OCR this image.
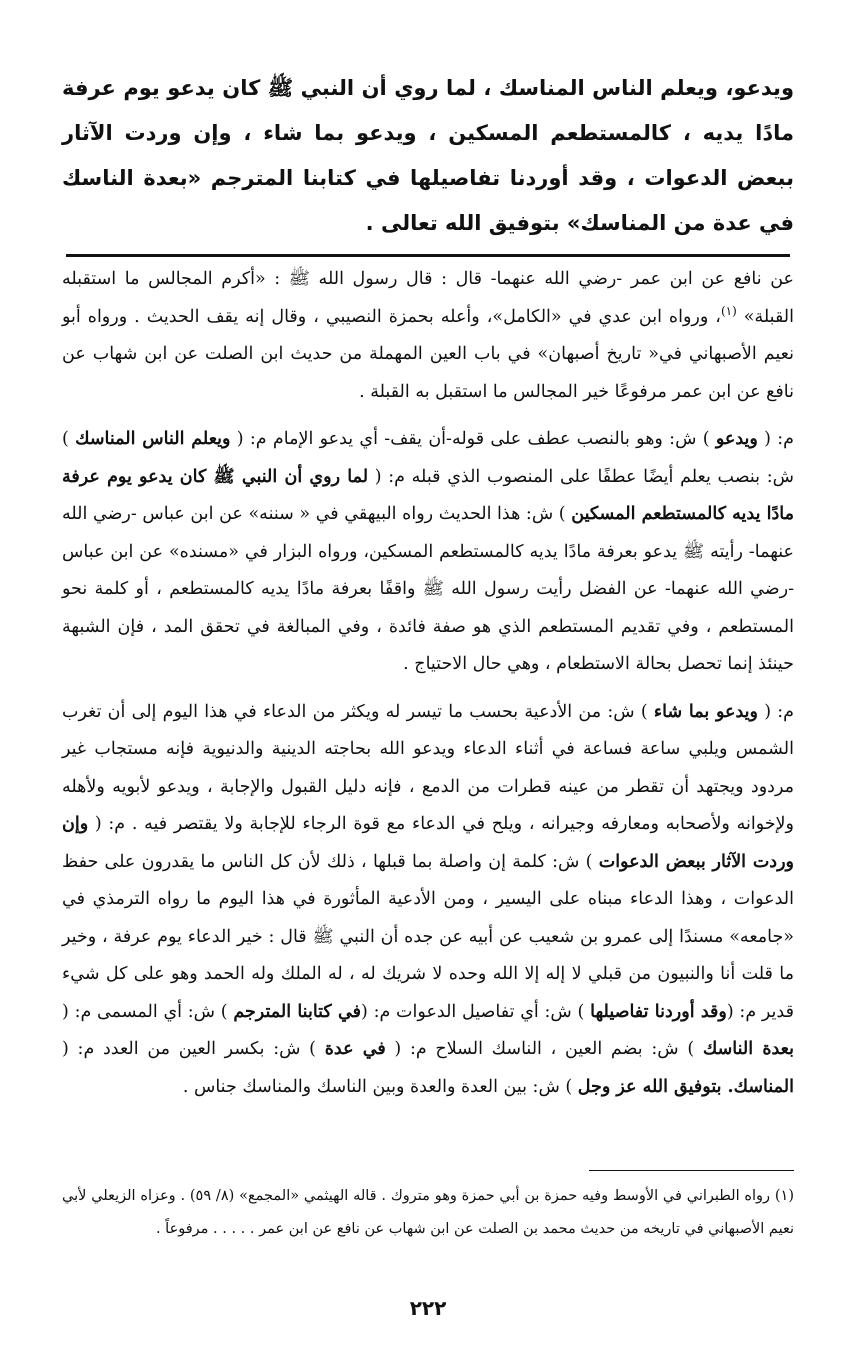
ويدعو، ويعلم الناس المناسك ، لما روي أن النبي ﷺ كان يدعو يوم عرفة مادًا يديه ، كالمستطعم المسكين ، ويدعو بما شاء ، وإن وردت الآثار ببعض الدعوات ، وقد أوردنا تفاصيلها في كتابنا المترجم «بعدة الناسك في عدة من المناسك» بتوفيق الله تعالى .

عن نافع عن ابن عمر -رضي الله عنهما- قال : قال رسول الله ﷺ : «أكرم المجالس ما استقبله القبلة» $^{(١)}$، ورواه ابن عدي في «الكامل»، وأعله بحمزة النصيبي ، وقال إنه يقف الحديث . ورواه أبو نعيم الأصبهاني في« تاريخ أصبهان» في باب العين المهملة من حديث ابن الصلت عن ابن شهاب عن نافع عن ابن عمر مرفوعًا خير المجالس ما استقبل به القبلة .

م: ( ويدعو ) ش: وهو بالنصب عطف على قوله-أن يقف- أي يدعو الإمام م: ( ويعلم الناس المناسك ) ش: بنصب يعلم أيضًا عطفًا على المنصوب الذي قبله م: ( لما روي أن النبي ﷺ كان يدعو يوم عرفة مادًا يديه كالمستطعم المسكين ) ش: هذا الحديث رواه البيهقي في « سننه» عن ابن عباس -رضي الله عنهما- رأيته ﷺ يدعو بعرفة مادًا يديه كالمستطعم المسكين، ورواه البزار في «مسنده» عن ابن عباس -رضي الله عنهما- عن الفضل رأيت رسول الله ﷺ واقفًا بعرفة مادًا يديه كالمستطعم ، أو كلمة نحو المستطعم ، وفي تقديم المستطعم الذي هو صفة فائدة ، وفي المبالغة في تحقق المد ، فإن الشبهة حينئذ إنما تحصل بحالة الاستطعام ، وهي حال الاحتياج .

م: ( ويدعو بما شاء ) ش: من الأدعية بحسب ما تيسر له ويكثر من الدعاء في هذا اليوم إلى أن تغرب الشمس ويلبي ساعة فساعة في أثناء الدعاء ويدعو الله بحاجته الدينية والدنيوية فإنه مستجاب غير مردود ويجتهد أن تقطر من عينه قطرات من الدمع ، فإنه دليل القبول والإجابة ، ويدعو لأبويه ولأهله ولإخوانه ولأصحابه ومعارفه وجيرانه ، ويلح في الدعاء مع قوة الرجاء للإجابة ولا يقتصر فيه . م: ( وإن وردت الآثار ببعض الدعوات ) ش: كلمة إن واصلة بما قبلها ، ذلك لأن كل الناس ما يقدرون على حفظ الدعوات ، وهذا الدعاء مبناه على اليسير ، ومن الأدعية المأثورة في هذا اليوم ما رواه الترمذي في «جامعه» مسندًا إلى عمرو بن شعيب عن أبيه عن جده أن النبي ﷺ قال : خير الدعاء يوم عرفة ، وخير ما قلت أنا والنبيون من قبلي لا إله إلا الله وحده لا شريك له ، له الملك وله الحمد وهو على كل شيء قدير م: (وقد أوردنا تفاصيلها ) ش: أي تفاصيل الدعوات م: (في كتابنا المترجم ) ش: أي المسمى م: ( بعدة الناسك ) ش: بضم العين ، الناسك السلاح م: ( في عدة ) ش: بكسر العين من العدد م: ( المناسك. بتوفيق الله عز وجل ) ش: بين العدة والعدة وبين الناسك والمناسك جناس .

(١) رواه الطبراني في الأوسط وفيه حمزة بن أبي حمزة وهو متروك . قاله الهيثمي «المجمع» (٨/ ٥٩) . وعزاه الزيعلي لأبي نعيم الأصبهاني في تاريخه من حديث محمد بن الصلت عن ابن شهاب عن نافع عن ابن عمر . . . . . مرفوعاً .

٢٢٢
